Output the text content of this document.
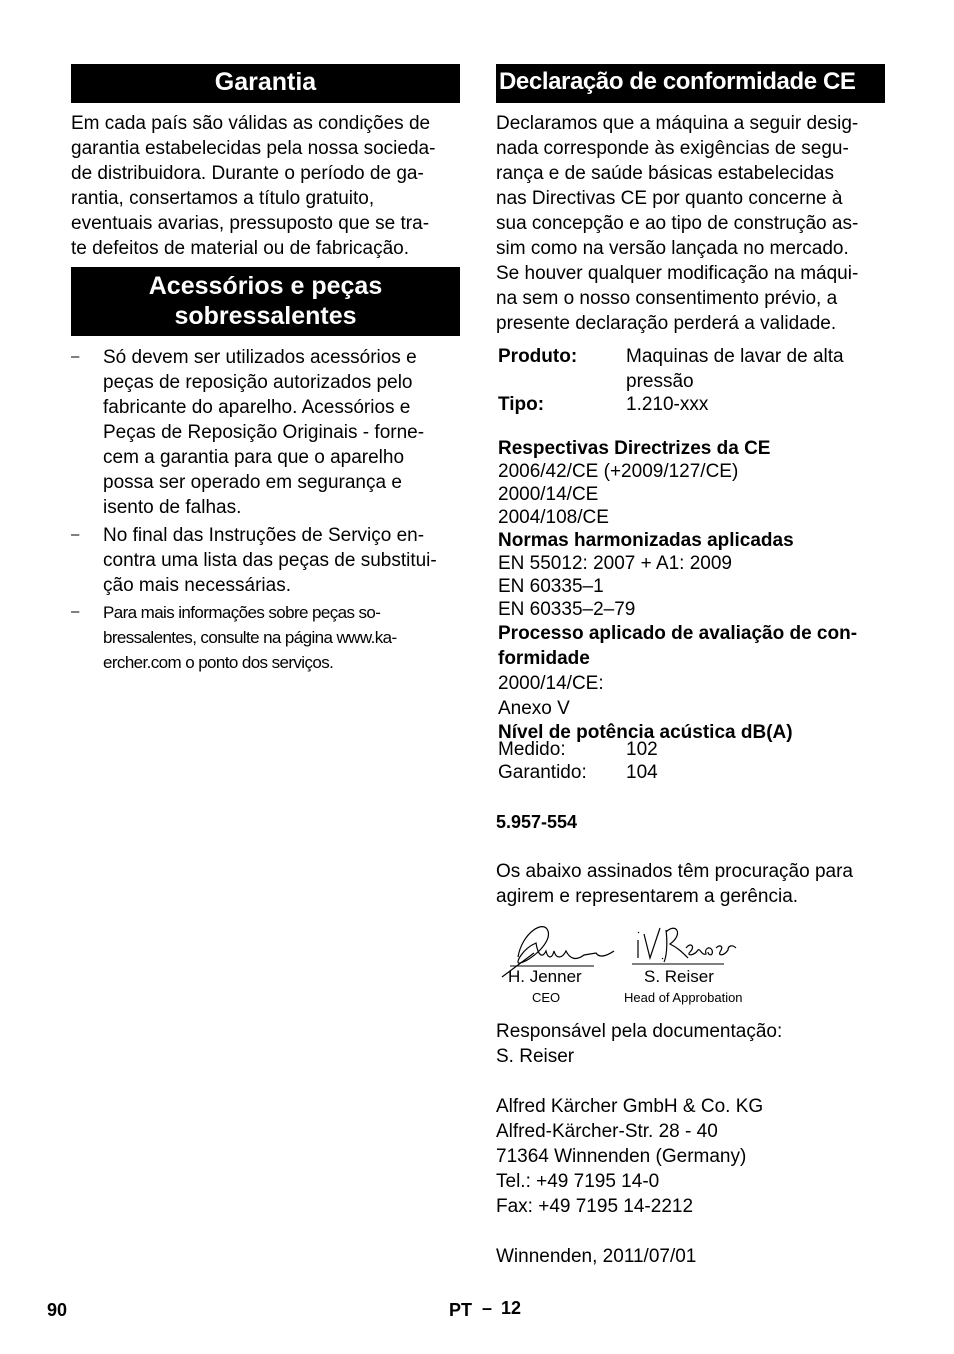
Garantia

Em cada país são válidas as condições de

garantia estabelecidas pela nossa socieda-

de distribuidora. Durante o período de ga-

rantia, consertamos a título gratuito,

eventuais avarias, pressuposto que se tra-

te defeitos de material ou de fabricação.

Acessórios e peças
sobressalentes
–	Só devem ser utilizados acessórios e

peças de reposição autorizados pelo

fabricante do aparelho. Acessórios e

Peças de Reposição Originais - forne-

cem a garantia para que o aparelho

possa ser operado em segurança e

isento de falhas.

–	No final das Instruções de Serviço en-

contra uma lista das peças de substitui-

ção mais necessárias.

–	Para mais informações sobre peças so-

bressalentes, consulte na página www.ka-

ercher.com o ponto dos serviços.

Declaração de conformidade CE

Declaramos que a máquina a seguir desig-

nada corresponde às exigências de segu-

rança e de saúde básicas estabelecidas

nas Directivas CE por quanto concerne à

sua concepção e ao tipo de construção as-

sim como na versão lançada no mercado.

Se houver qualquer modificação na máqui-

na sem o nosso consentimento prévio, a

presente declaração perderá a validade.

Produto:	Maquinas de lavar de alta
pressão
Tipo:	1.210-xxx
Respectivas Directrizes da CE
2006/42/CE (+2009/127/CE)
2000/14/CE
2004/108/CE
Normas harmonizadas aplicadas
EN 55012: 2007 + A1: 2009
EN 60335–1
EN 60335–2–79
Processo aplicado de avaliação de con-
formidade
2000/14/CE:
Anexo V
Nível de potência acústica dB(A)
Medido:	102
Garantido: 104
5.957-554

Os abaixo assinados têm procuração para

agirem e representarem a gerência.

H. Jenner
CEO
S. Reiser
Head of Approbation

Responsável pela documentação:

S. Reiser

Alfred Kärcher GmbH & Co. KG

Alfred-Kärcher-Str. 28 - 40

71364 Winnenden (Germany)

Tel.: +49 7195 14-0

Fax: +49 7195 14-2212

Winnenden, 2011/07/01
90	PT – 12
